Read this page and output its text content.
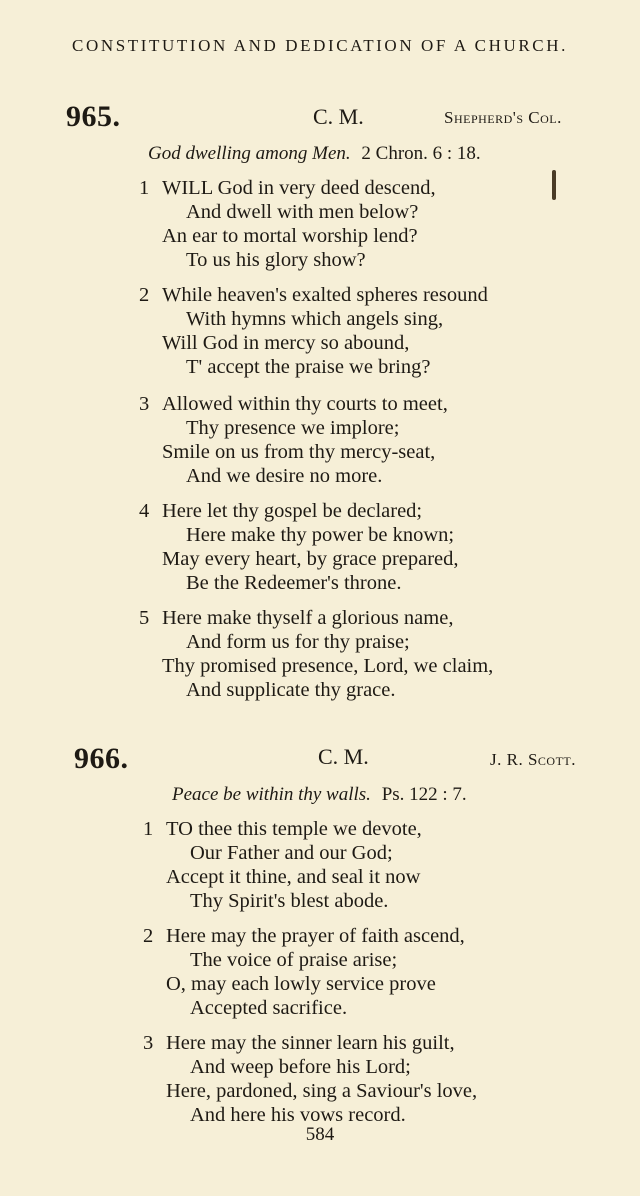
CONSTITUTION AND DEDICATION OF A CHURCH.
965.	C. M.	Shepherd's Col.
God dwelling among Men. 2 Chron. 6 : 18.
1 WILL God in very deed descend,
And dwell with men below?
An ear to mortal worship lend?
To us his glory show?
2 While heaven's exalted spheres resound
With hymns which angels sing,
Will God in mercy so abound,
T' accept the praise we bring?
3 Allowed within thy courts to meet,
Thy presence we implore;
Smile on us from thy mercy-seat,
And we desire no more.
4 Here let thy gospel be declared;
Here make thy power be known;
May every heart, by grace prepared,
Be the Redeemer's throne.
5 Here make thyself a glorious name,
And form us for thy praise;
Thy promised presence, Lord, we claim,
And supplicate thy grace.
966.	C. M.	J. R. Scott.
Peace be within thy walls. Ps. 122 : 7.
1 TO thee this temple we devote,
Our Father and our God;
Accept it thine, and seal it now
Thy Spirit's blest abode.
2 Here may the prayer of faith ascend,
The voice of praise arise;
O, may each lowly service prove
Accepted sacrifice.
3 Here may the sinner learn his guilt,
And weep before his Lord;
Here, pardoned, sing a Saviour's love,
And here his vows record.
584
